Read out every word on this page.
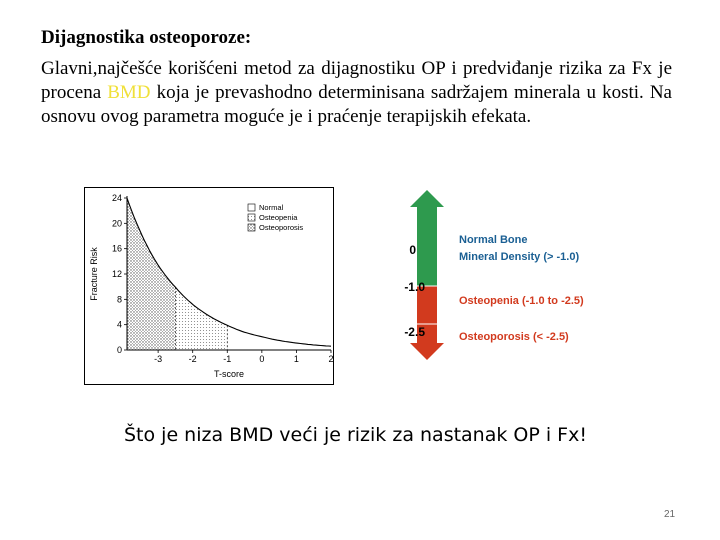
Dijagnostika osteoporoze:
Glavni,najčešće korišćeni metod za dijagnostiku OP i predviđanje rizika za Fx je procena BMD koja je prevashodno determinisana sadržajem minerala u kosti. Na osnovu ovog parametra moguće je i praćenje terapijskih efekata.
0
4
8
12
16
20
24
-3	-2	-1	0	1	2
T-score
Fracture Risk
Normal
Osteopenia
Osteoporosis
0
-1.0
-2.5
Normal Bone
Mineral Density (> -1.0)
Osteopenia (-1.0 to -2.5)
Osteoporosis (< -2.5)
Što je niza BMD veći je rizik za nastanak OP i Fx!
21
